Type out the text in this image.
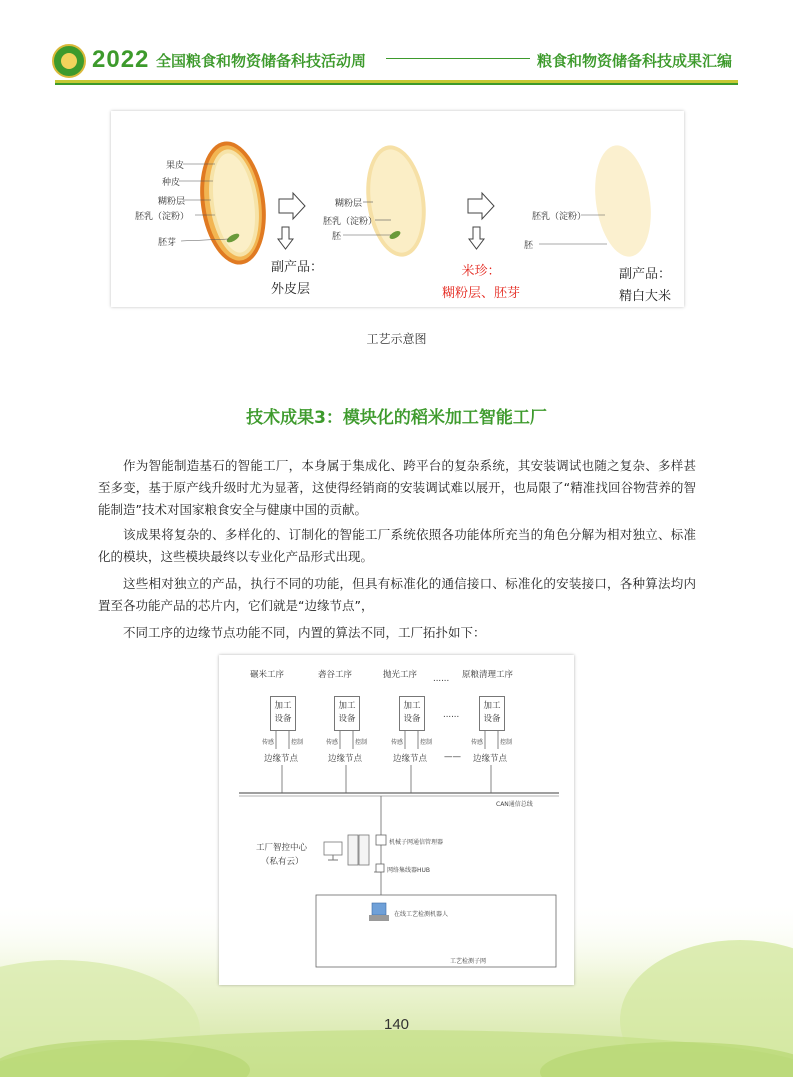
2022 全国粮食和物资储备科技活动周	粮食和物资储备科技成果汇编
果皮
种皮
糊粉层
胚乳（淀粉）
胚芽
糊粉层
胚乳（淀粉）
胚
胚乳（淀粉）
胚
副产品：
外皮层
米珍：
糊粉层、胚芽
副产品：
精白大米
工艺示意图
技术成果3：模块化的稻米加工智能工厂
作为智能制造基石的智能工厂，本身属于集成化、跨平台的复杂系统，其安装调试也随之复杂、多样甚至多变，基于原产线升级时尤为显著，这使得经销商的安装调试难以展开，也局限了“精准找回谷物营养的智能制造”技术对国家粮食安全与健康中国的贡献。
该成果将复杂的、多样化的、订制化的智能工厂系统依照各功能体所充当的角色分解为相对独立、标准化的模块，这些模块最终以专业化产品形式出现。
这些相对独立的产品，执行不同的功能，但具有标准化的通信接口、标准化的安装接口，各种算法均内置至各功能产品的芯片内，它们就是“边缘节点”，
不同工序的边缘节点功能不同，内置的算法不同，工厂拓扑如下：
碾米工序	砻谷工序	抛光工序 ...... 原粮清理工序
加工设备
加工设备
加工设备	......
加工设备
传感	控制	传感	控制	传感	控制	传感	控制
边缘节点	边缘节点	边缘节点 —— 边缘节点
CAN通信总线
工厂智控中心
（私有云）
机械子网通信管理器
网络集线器HUB
在线工艺检测机器人
工艺检测子网
140
